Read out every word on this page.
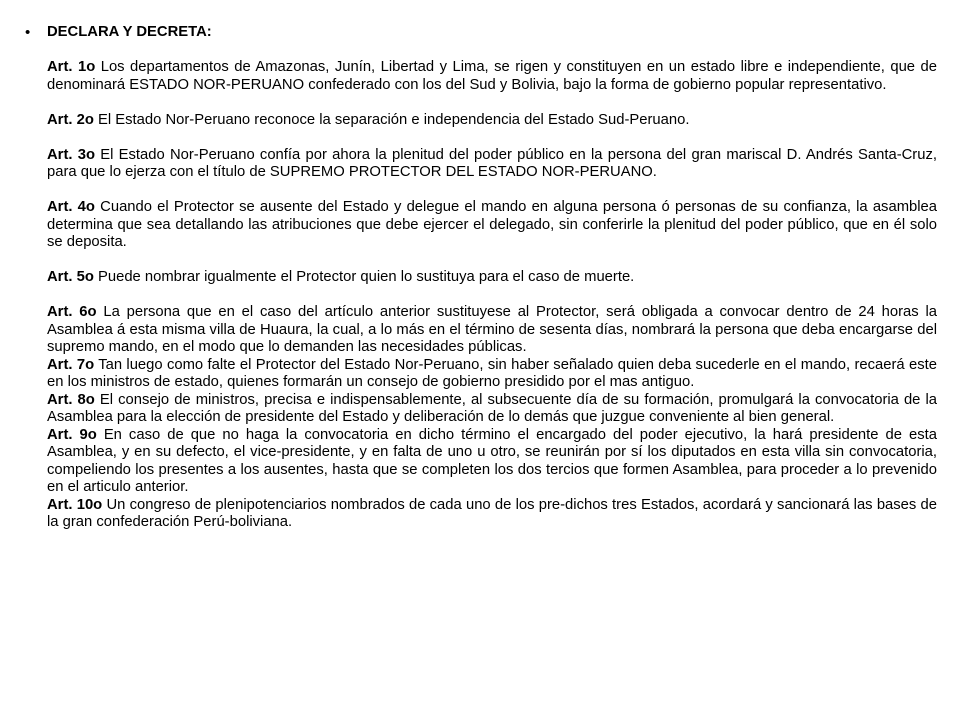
• DECLARA Y DECRETA:

Art. 1o Los departamentos de Amazonas, Junín, Libertad y Lima, se rigen y constituyen en un estado libre e independiente, que de denominará ESTADO NOR-PERUANO confederado con los del Sud y Bolivia, bajo la forma de gobierno popular representativo.

Art. 2o El Estado Nor-Peruano reconoce la separación e independencia del Estado Sud-Peruano.

Art. 3o El Estado Nor-Peruano confía por ahora la plenitud del poder público en la persona del gran mariscal D. Andrés Santa-Cruz, para que lo ejerza con el título de SUPREMO PROTECTOR DEL ESTADO NOR-PERUANO.

Art. 4o Cuando el Protector se ausente del Estado y delegue el mando en alguna persona ó personas de su confianza, la asamblea determina que sea detallando las atribuciones que debe ejercer el delegado, sin conferirle la plenitud del poder público, que en él solo se deposita.

Art. 5o Puede nombrar igualmente el Protector quien lo sustituya para el caso de muerte.

Art. 6o La persona que en el caso del artículo anterior sustituyese al Protector, será obligada a convocar dentro de 24 horas la Asamblea á esta misma villa de Huaura, la cual, a lo más en el término de sesenta días, nombrará la persona que deba encargarse del supremo mando, en el modo que lo demanden las necesidades públicas.

Art. 7o Tan luego como falte el Protector del Estado Nor-Peruano, sin haber señalado quien deba sucederle en el mando, recaerá este en los ministros de estado, quienes formarán un consejo de gobierno presidido por el mas antiguo.

Art. 8o El consejo de ministros, precisa e indispensablemente, al subsecuente día de su formación, promulgará la convocatoria de la Asamblea para la elección de presidente del Estado y deliberación de lo demás que juzgue conveniente al bien general.

Art. 9o En caso de que no haga la convocatoria en dicho término el encargado del poder ejecutivo, la hará presidente de esta Asamblea, y en su defecto, el vice-presidente, y en falta de uno u otro, se reunirán por sí los diputados en esta villa sin convocatoria, compeliendo los presentes a los ausentes, hasta que se completen los dos tercios que formen Asamblea, para proceder a lo prevenido en el articulo anterior.

Art. 10o Un congreso de plenipotenciarios nombrados de cada uno de los pre-dichos tres Estados, acordará y sancionará las bases de la gran confederación Perú-boliviana.
